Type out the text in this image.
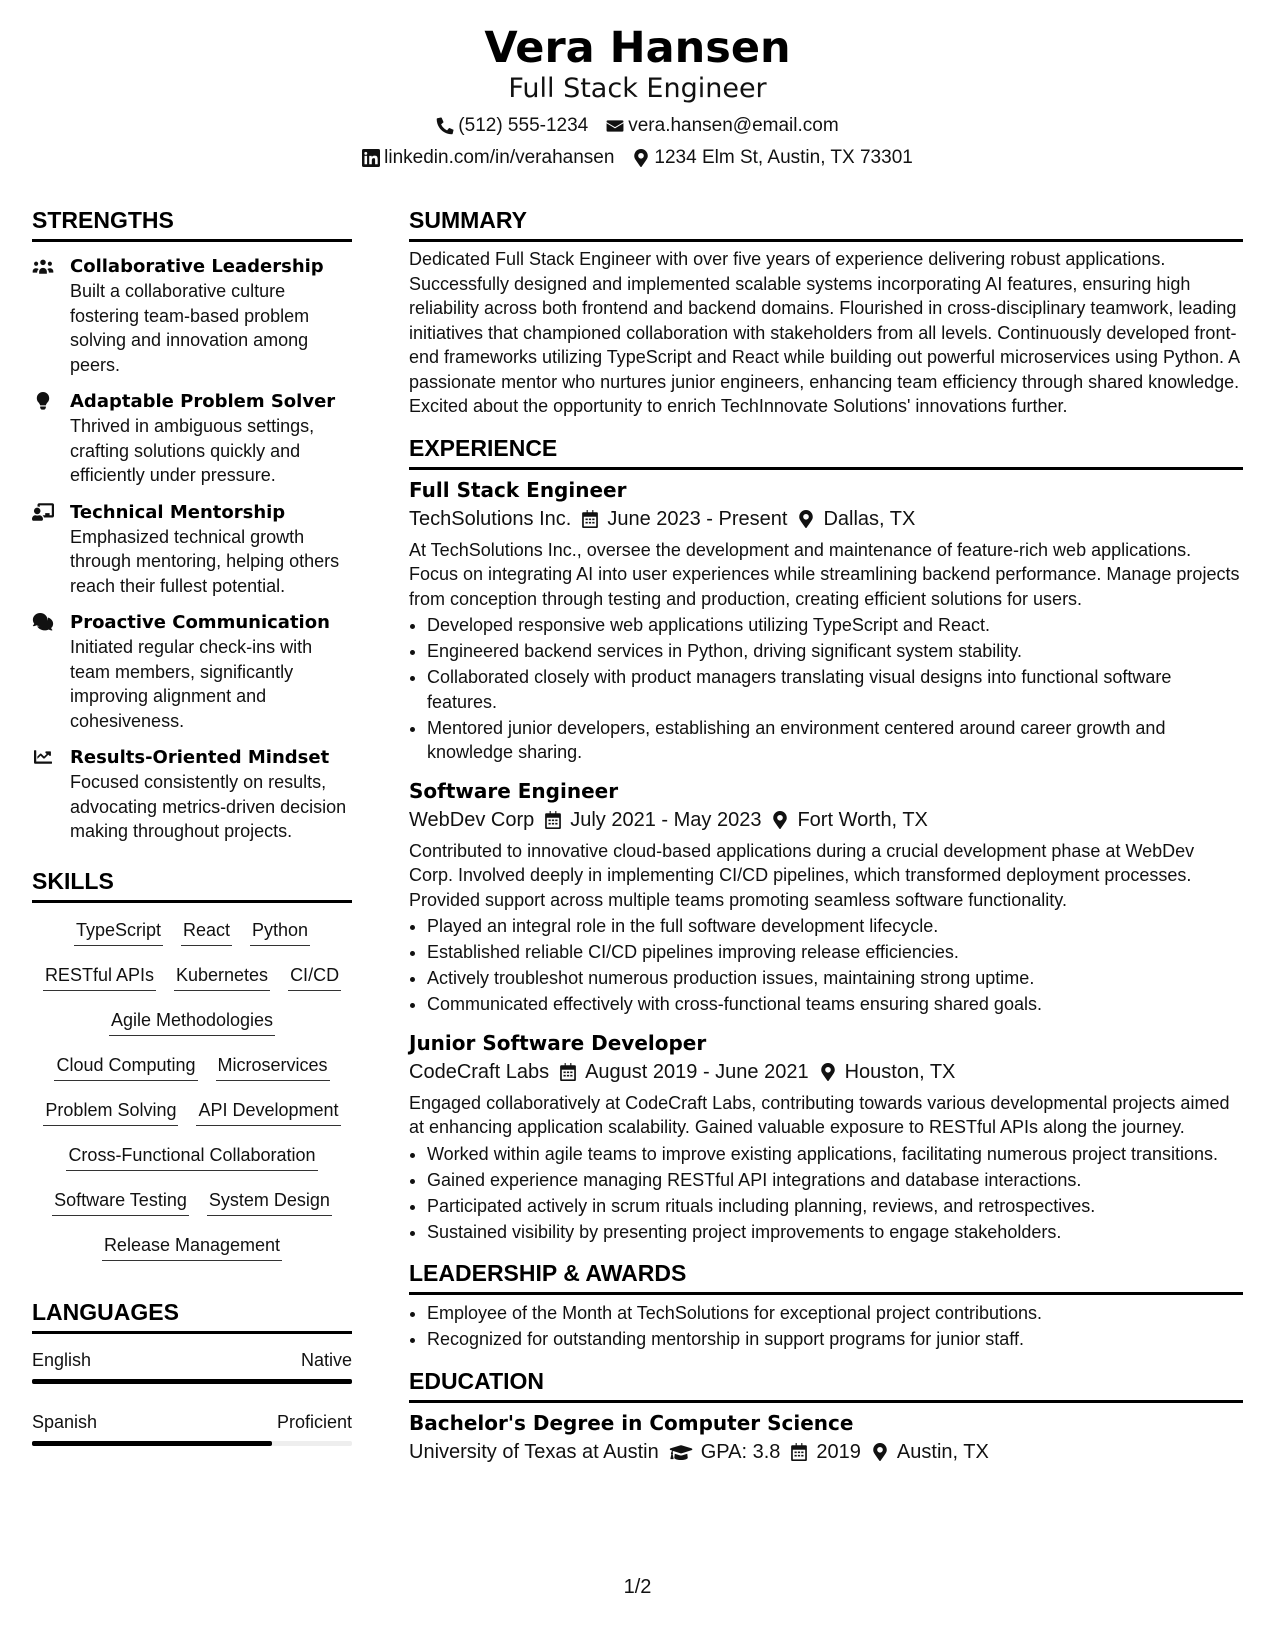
Vera Hansen
Full Stack Engineer
(512) 555-1234 vera.hansen@email.com
linkedin.com/in/verahansen 1234 Elm St, Austin, TX 73301
STRENGTHS
Collaborative Leadership
Built a collaborative culture fostering team-based problem solving and innovation among peers.
Adaptable Problem Solver
Thrived in ambiguous settings, crafting solutions quickly and efficiently under pressure.
Technical Mentorship
Emphasized technical growth through mentoring, helping others reach their fullest potential.
Proactive Communication
Initiated regular check-ins with team members, significantly improving alignment and cohesiveness.
Results-Oriented Mindset
Focused consistently on results, advocating metrics-driven decision making throughout projects.
SKILLS
TypeScript React Python
RESTful APIs Kubernetes CI/CD
Agile Methodologies
Cloud Computing Microservices
Problem Solving API Development
Cross-Functional Collaboration
Software Testing System Design
Release Management
LANGUAGES
English	Native
Spanish	Proficient
SUMMARY
Dedicated Full Stack Engineer with over five years of experience delivering robust applications. Successfully designed and implemented scalable systems incorporating AI features, ensuring high reliability across both frontend and backend domains. Flourished in cross-disciplinary teamwork, leading initiatives that championed collaboration with stakeholders from all levels. Continuously developed front-end frameworks utilizing TypeScript and React while building out powerful microservices using Python. A passionate mentor who nurtures junior engineers, enhancing team efficiency through shared knowledge. Excited about the opportunity to enrich TechInnovate Solutions' innovations further.
EXPERIENCE
Full Stack Engineer
TechSolutions Inc. June 2023 - Present Dallas, TX
At TechSolutions Inc., oversee the development and maintenance of feature-rich web applications. Focus on integrating AI into user experiences while streamlining backend performance. Manage projects from conception through testing and production, creating efficient solutions for users.
• Developed responsive web applications utilizing TypeScript and React.
• Engineered backend services in Python, driving significant system stability.
• Collaborated closely with product managers translating visual designs into functional software features.
• Mentored junior developers, establishing an environment centered around career growth and knowledge sharing.
Software Engineer
WebDev Corp July 2021 - May 2023 Fort Worth, TX
Contributed to innovative cloud-based applications during a crucial development phase at WebDev Corp. Involved deeply in implementing CI/CD pipelines, which transformed deployment processes. Provided support across multiple teams promoting seamless software functionality.
• Played an integral role in the full software development lifecycle.
• Established reliable CI/CD pipelines improving release efficiencies.
• Actively troubleshot numerous production issues, maintaining strong uptime.
• Communicated effectively with cross-functional teams ensuring shared goals.
Junior Software Developer
CodeCraft Labs August 2019 - June 2021 Houston, TX
Engaged collaboratively at CodeCraft Labs, contributing towards various developmental projects aimed at enhancing application scalability. Gained valuable exposure to RESTful APIs along the journey.
• Worked within agile teams to improve existing applications, facilitating numerous project transitions.
• Gained experience managing RESTful API integrations and database interactions.
• Participated actively in scrum rituals including planning, reviews, and retrospectives.
• Sustained visibility by presenting project improvements to engage stakeholders.
LEADERSHIP & AWARDS
• Employee of the Month at TechSolutions for exceptional project contributions.
• Recognized for outstanding mentorship in support programs for junior staff.
EDUCATION
Bachelor's Degree in Computer Science
University of Texas at Austin GPA: 3.8 2019 Austin, TX
1/2
